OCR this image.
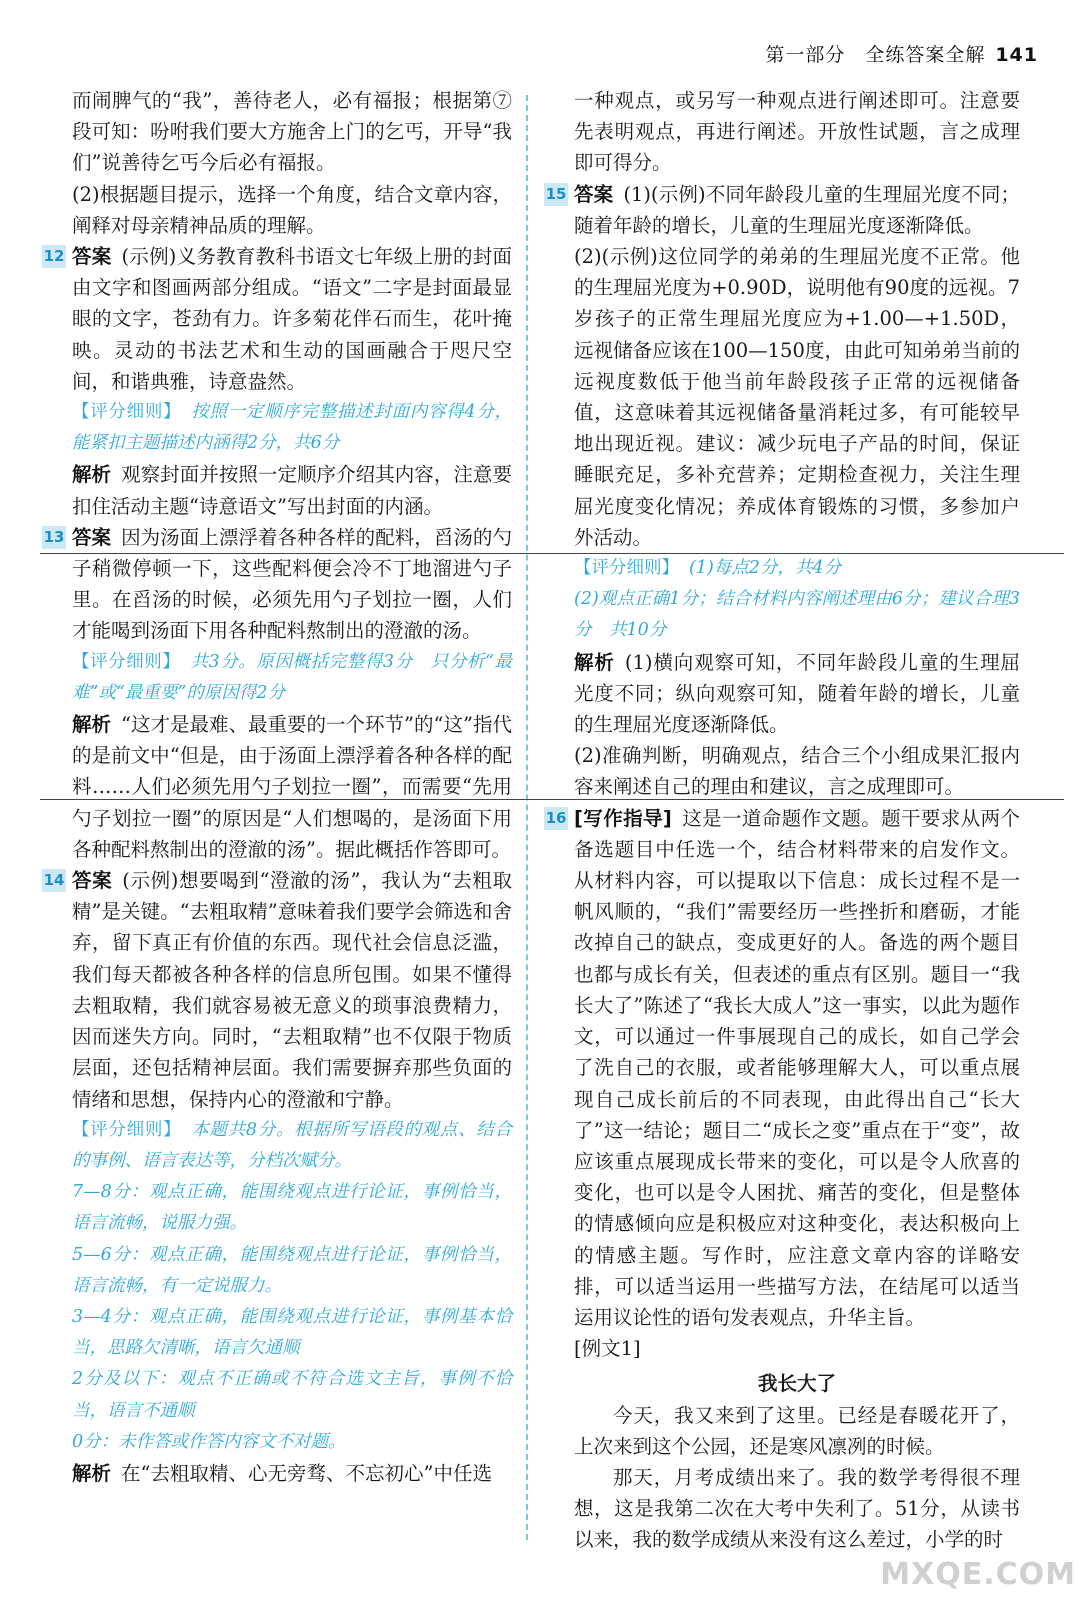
第一部分　全练答案全解 141

而闹脾气的“我”，善待老人，必有福报；根据第⑦段可知：吩咐我们要大方施舍上门的乞丐，开导“我们”说善待乞丐今后必有福报。

(2)根据题目提示，选择一个角度，结合文章内容，阐释对母亲精神品质的理解。

12 答案 (示例)义务教育教科书语文七年级上册的封面由文字和图画两部分组成。“语文”二字是封面最显眼的文字，苍劲有力。许多菊花伴石而生，花叶掩映。灵动的书法艺术和生动的国画融合于咫尺空间，和谐典雅，诗意盎然。

【评分细则】 按照一定顺序完整描述封面内容得4分，能紧扣主题描述内涵得2分，共6分

解析 观察封面并按照一定顺序介绍其内容，注意要扣住活动主题“诗意语文”写出封面的内涵。

13 答案 因为汤面上漂浮着各种各样的配料，舀汤的勺子稍微停顿一下，这些配料便会冷不丁地溜进勺子里。在舀汤的时候，必须先用勺子划拉一圈，人们才能喝到汤面下用各种配料熬制出的澄澈的汤。

【评分细则】 共3分。原因概括完整得3分　只分析“最难”或“最重要”的原因得2分

解析 “这才是最难、最重要的一个环节”的“这”指代的是前文中“但是，由于汤面上漂浮着各种各样的配料……人们必须先用勺子划拉一圈”，而需要“先用勺子划拉一圈”的原因是“人们想喝的，是汤面下用各种配料熬制出的澄澈的汤”。据此概括作答即可。

14 答案 (示例)想要喝到“澄澈的汤”，我认为“去粗取精”是关键。“去粗取精”意味着我们要学会筛选和舍弃，留下真正有价值的东西。现代社会信息泛滥，我们每天都被各种各样的信息所包围。如果不懂得去粗取精，我们就容易被无意义的琐事浪费精力，因而迷失方向。同时，“去粗取精”也不仅限于物质层面，还包括精神层面。我们需要摒弃那些负面的情绪和思想，保持内心的澄澈和宁静。

【评分细则】 本题共8分。根据所写语段的观点、结合的事例、语言表达等，分档次赋分。
7—8分：观点正确，能围绕观点进行论证，事例恰当，语言流畅，说服力强。
5—6分：观点正确，能围绕观点进行论证，事例恰当，语言流畅，有一定说服力。
3—4分：观点正确，能围绕观点进行论证，事例基本恰当，思路欠清晰，语言欠通顺
2分及以下：观点不正确或不符合选文主旨，事例不恰当，语言不通顺
0分：未作答或作答内容文不对题。

解析 在“去粗取精、心无旁骛、不忘初心”中任选

一种观点，或另写一种观点进行阐述即可。注意要先表明观点，再进行阐述。开放性试题，言之成理即可得分。

15 答案 (1)(示例)不同年龄段儿童的生理屈光度不同；随着年龄的增长，儿童的生理屈光度逐渐降低。

(2)(示例)这位同学的弟弟的生理屈光度不正常。他的生理屈光度为+0.90D，说明他有90度的远视。7岁孩子的正常生理屈光度应为+1.00—+1.50D，远视储备应该在100—150度，由此可知弟弟当前的远视度数低于他当前年龄段孩子正常的远视储备值，这意味着其远视储备量消耗过多，有可能较早地出现近视。建议：减少玩电子产品的时间，保证睡眠充足，多补充营养；定期检查视力，关注生理屈光度变化情况；养成体育锻炼的习惯，多参加户外活动。

【评分细则】 (1)每点2分，共4分
(2)观点正确1分；结合材料内容阐述理由6分；建议合理3分　共10分

解析 (1)横向观察可知，不同年龄段儿童的生理屈光度不同；纵向观察可知，随着年龄的增长，儿童的生理屈光度逐渐降低。

(2)准确判断，明确观点，结合三个小组成果汇报内容来阐述自己的理由和建议，言之成理即可。

16 [写作指导] 这是一道命题作文题。题干要求从两个备选题目中任选一个，结合材料带来的启发作文。从材料内容，可以提取以下信息：成长过程不是一帆风顺的，“我们”需要经历一些挫折和磨砺，才能改掉自己的缺点，变成更好的人。备选的两个题目也都与成长有关，但表述的重点有区别。题目一“我长大了”陈述了“我长大成人”这一事实，以此为题作文，可以通过一件事展现自己的成长，如自己学会了洗自己的衣服，或者能够理解大人，可以重点展现自己成长前后的不同表现，由此得出自己“长大了”这一结论；题目二“成长之变”重点在于“变”，故应该重点展现成长带来的变化，可以是令人欣喜的变化，也可以是令人困扰、痛苦的变化，但是整体的情感倾向应是积极应对这种变化，表达积极向上的情感主题。写作时，应注意文章内容的详略安排，可以适当运用一些描写方法，在结尾可以适当运用议论性的语句发表观点，升华主旨。

[例文1]

我长大了

今天，我又来到了这里。已经是春暖花开了，上次来到这个公园，还是寒风凛冽的时候。

那天，月考成绩出来了。我的数学考得很不理想，这是我第二次在大考中失利了。51分，从读书以来，我的数学成绩从来没有这么差过，小学的时

MXQE.COM
